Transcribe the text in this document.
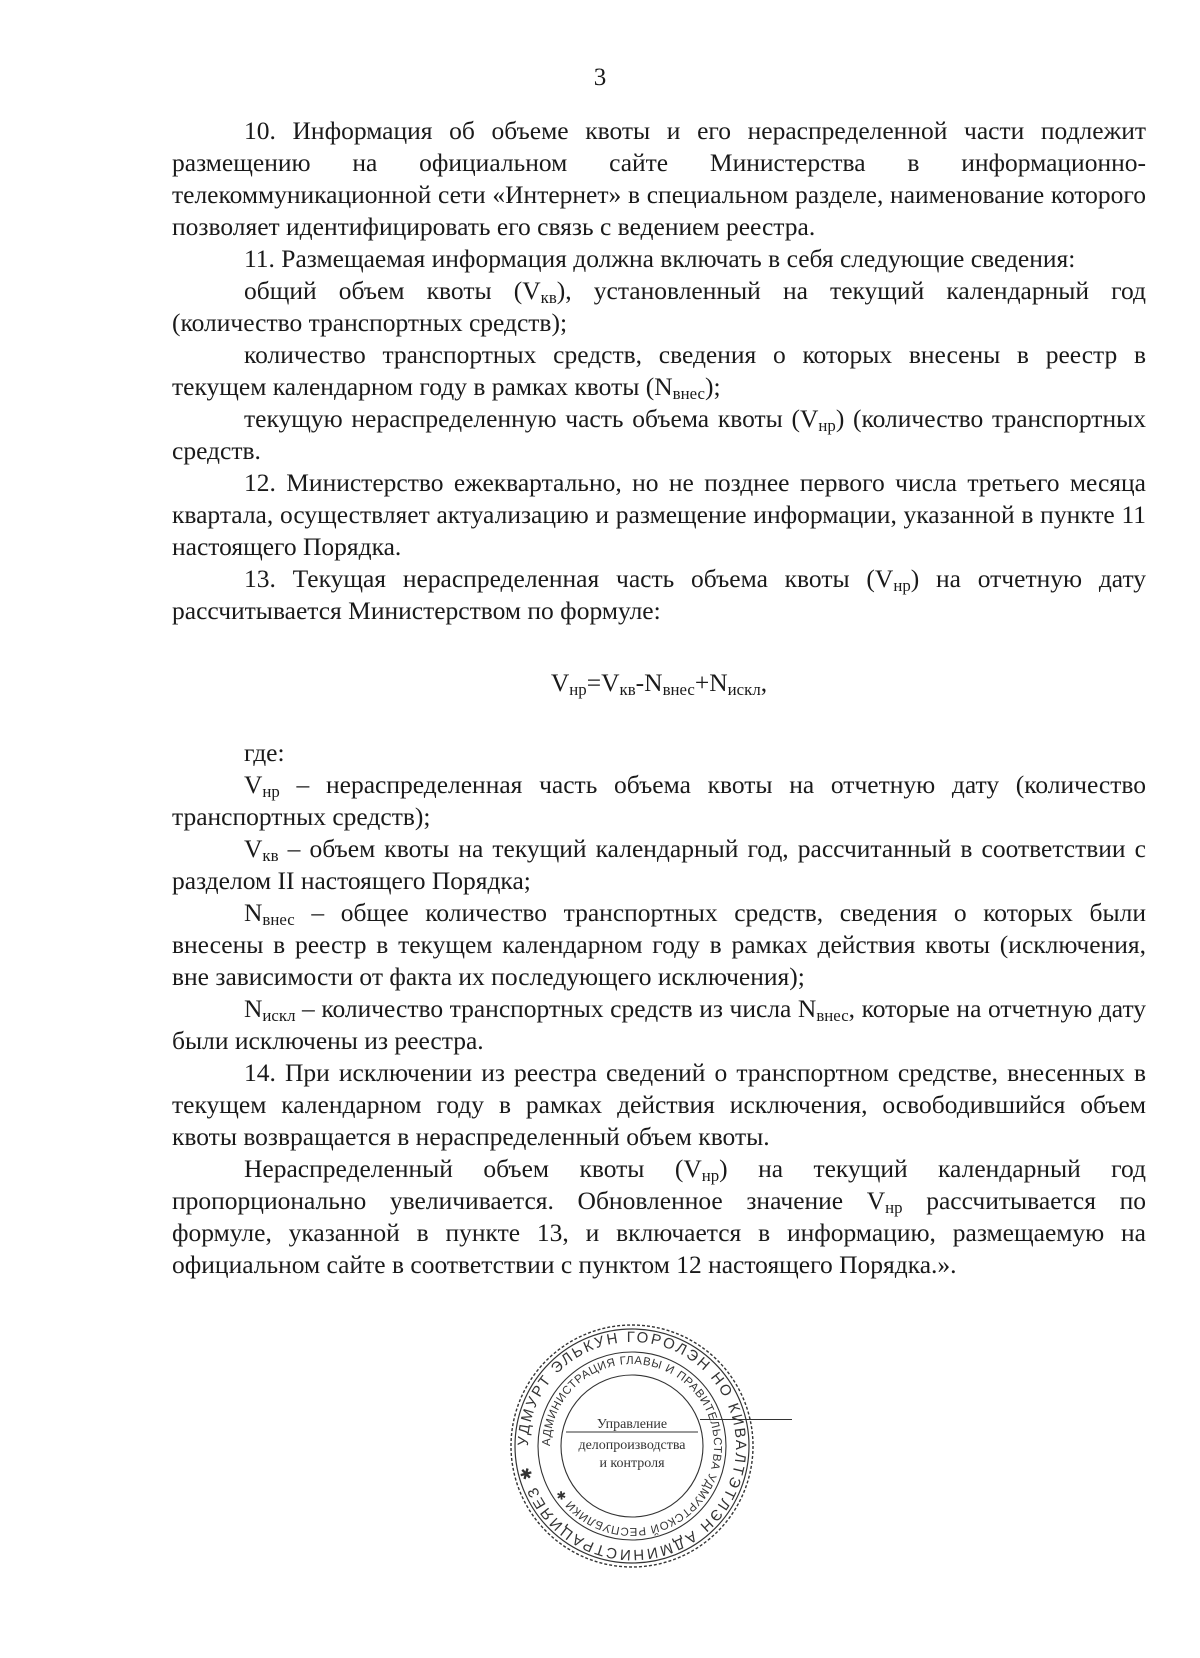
3

10. Информация об объеме квоты и его нераспределенной части подлежит размещению на официальном сайте Министерства в информационно-телекоммуникационной сети «Интернет» в специальном разделе, наименование которого позволяет идентифицировать его связь с ведением реестра.

11. Размещаемая информация должна включать в себя следующие сведения:

общий объем квоты $(V_{кв})$, установленный на текущий календарный год (количество транспортных средств);

количество транспортных средств, сведения о которых внесены в реестр в текущем календарном году в рамках квоты $(N_{внес})$;

текущую нераспределенную часть объема квоты $(V_{нр})$ (количество транспортных средств.

12. Министерство ежеквартально, но не позднее первого числа третьего месяца квартала, осуществляет актуализацию и размещение информации, указанной в пункте 11 настоящего Порядка.

13. Текущая нераспределенная часть объема квоты $(V_{нр})$ на отчетную дату рассчитывается Министерством по формуле:

$V_{нр}=V_{кв}-N_{внес}+N_{искл}$,

где:

$V_{нр}$ – нераспределенная часть объема квоты на отчетную дату (количество транспортных средств);

$V_{кв}$ – объем квоты на текущий календарный год, рассчитанный в соответствии с разделом II настоящего Порядка;

$N_{внес}$ – общее количество транспортных средств, сведения о которых были внесены в реестр в текущем календарном году в рамках действия квоты (исключения, вне зависимости от факта их последующего исключения);

$N_{искл}$ – количество транспортных средств из числа $N_{внес}$, которые на отчетную дату были исключены из реестра.

14. При исключении из реестра сведений о транспортном средстве, внесенных в текущем календарном году в рамках действия исключения, освободившийся объем квоты возвращается в нераспределенный объем квоты.

Нераспределенный объем квоты $(V_{нр})$ на текущий календарный год пропорционально увеличивается. Обновленное значение $V_{нр}$ рассчитывается по формуле, указанной в пункте 13, и включается в информацию, размещаемую на официальном сайте в соответствии с пунктом 12 настоящего Порядка.».

УДМУРТ ЭЛЬКУН ГОРОЛЭН НО КИВАЛТЭТЛЭН АДМИНИСТРАЦИЯЕЗ ✱
АДМИНИСТРАЦИЯ ГЛАВЫ И ПРАВИТЕЛЬСТВА УДМУРТСКОЙ РЕСПУБЛИКИ ✱
Управление
делопроизводства
и контроля
